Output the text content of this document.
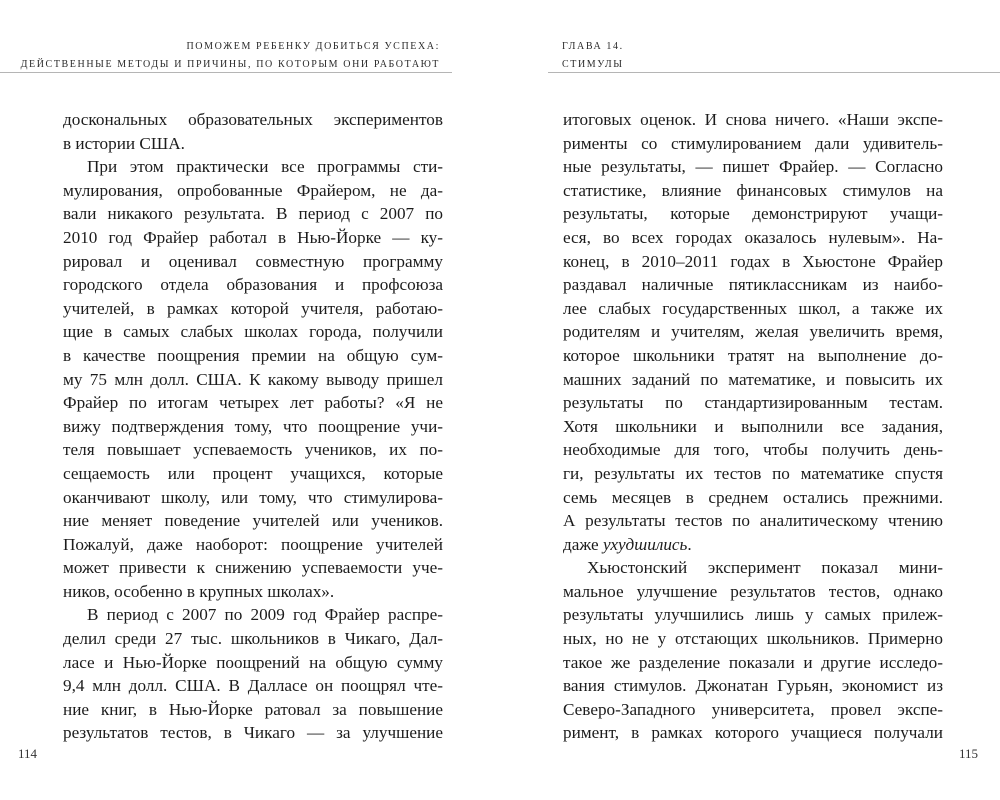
ПОМОЖЕМ РЕБЕНКУ ДОБИТЬСЯ УСПЕХА:
ДЕЙСТВЕННЫЕ МЕТОДЫ И ПРИЧИНЫ, ПО КОТОРЫМ ОНИ РАБОТАЮТ
доскональных образовательных экспериментов
в истории США.
При этом практически все программы сти-
мулирования, опробованные Фрайером, не да-
вали никакого результата. В период с 2007 по
2010 год Фрайер работал в Нью-Йорке — ку-
рировал и оценивал совместную программу
городского отдела образования и профсоюза
учителей, в рамках которой учителя, работаю-
щие в самых слабых школах города, получили
в качестве поощрения премии на общую сум-
му 75 млн долл. США. К какому выводу пришел
Фрайер по итогам четырех лет работы? «Я не
вижу подтверждения тому, что поощрение учи-
теля повышает успеваемость учеников, их по-
сещаемость или процент учащихся, которые
оканчивают школу, или тому, что стимулирова-
ние меняет поведение учителей или учеников.
Пожалуй, даже наоборот: поощрение учителей
может привести к снижению успеваемости уче-
ников, особенно в крупных школах».
В период с 2007 по 2009 год Фрайер распре-
делил среди 27 тыс. школьников в Чикаго, Дал-
ласе и Нью-Йорке поощрений на общую сумму
9,4 млн долл. США. В Далласе он поощрял чте-
ние книг, в Нью-Йорке ратовал за повышение
результатов тестов, в Чикаго — за улучшение
114
ГЛАВА 14.
СТИМУЛЫ
итоговых оценок. И снова ничего. «Наши экспе-
рименты со стимулированием дали удивитель-
ные результаты, — пишет Фрайер. — Согласно
статистике, влияние финансовых стимулов на
результаты, которые демонстрируют учащи-
еся, во всех городах оказалось нулевым». На-
конец, в 2010–2011 годах в Хьюстоне Фрайер
раздавал наличные пятиклассникам из наибо-
лее слабых государственных школ, а также их
родителям и учителям, желая увеличить время,
которое школьники тратят на выполнение до-
машних заданий по математике, и повысить их
результаты по стандартизированным тестам.
Хотя школьники и выполнили все задания,
необходимые для того, чтобы получить день-
ги, результаты их тестов по математике спустя
семь месяцев в среднем остались прежними.
А результаты тестов по аналитическому чтению
даже ухудшились.
Хьюстонский эксперимент показал мини-
мальное улучшение результатов тестов, однако
результаты улучшились лишь у самых прилеж-
ных, но не у отстающих школьников. Примерно
такое же разделение показали и другие исследо-
вания стимулов. Джонатан Гурьян, экономист из
Северо-Западного университета, провел экспе-
римент, в рамках которого учащиеся получали
115
